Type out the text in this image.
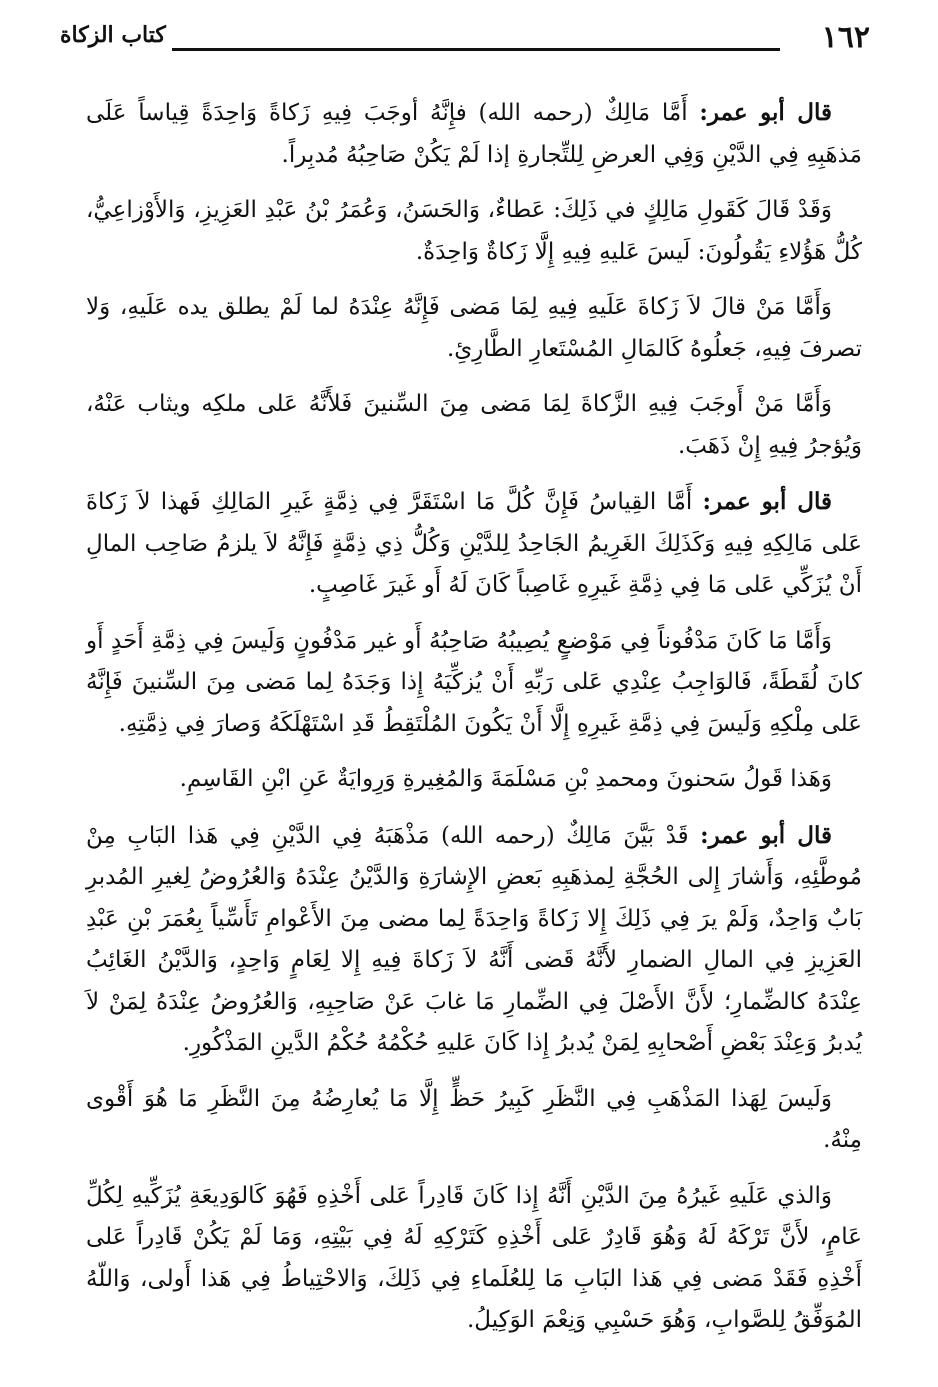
١٦٢
كتاب الزكاة

قال أبو عمر: أَمَّا مَالِكٌ (رحمه الله) فإِنَّهُ أوجَبَ فِيهِ زَكاةً وَاحِدَةً قِياساً عَلَى مَذهَبِهِ فِي الدَّيْنِ وَفِي العرضِ لِلتِّجارةِ إذا لَمْ يَكُنْ صَاحِبُهُ مُدبِراً.

وَقَدْ قَالَ كَقَولِ مَالِكٍ في ذَلِكَ: عَطاءٌ، وَالحَسَنُ، وَعُمَرُ بْنُ عَبْدِ العَزِيزِ، وَالأَوْزاعِيُّ، كُلُّ هَؤُلاءِ يَقُولُونَ: لَيسَ عَليهِ فِيهِ إِلَّا زَكاةٌ وَاحِدَةٌ.

وَأَمَّا مَنْ قالَ لاَ زَكاةَ عَلَيهِ فِيهِ لِمَا مَضى فَإِنَّهُ عِنْدَهُ لما لَمْ يطلق يده عَلَيهِ، وَلا تصرفَ فِيهِ، جَعلُوهُ كَالمَالِ المُسْتَعارِ الطَّارِئِ.

وَأَمَّا مَنْ أَوجَبَ فِيهِ الزَّكاةَ لِمَا مَضى مِنَ السِّنينَ فَلأَنَّهُ عَلى ملكِه ويثاب عَنْهُ، وَيُؤجرُ فِيهِ إِنْ ذَهَبَ.

قال أبو عمر: أَمَّا القِياسُ فَإِنَّ كُلَّ مَا اسْتَقَرَّ فِي ذِمَّةٍ غَيرِ المَالِكِ فَهذا لاَ زَكاةَ عَلى مَالِكِهِ فِيهِ وَكَذَلِكَ الغَرِيمُ الجَاحِدُ لِلدَّيْنِ وَكُلُّ ذِي ذِمَّةٍ فَإِنَّهُ لاَ يلزمُ صَاحِب المالِ أَنْ يُزَكِّي عَلى مَا فِي ذِمَّةِ غَيرِهِ غَاصِباً كَانَ لَهُ أَو غَيرَ غَاصِبٍ.

وَأَمَّا مَا كَانَ مَدْفُوناً فِي مَوْضعٍ يُصِيبُهُ صَاحِبُهُ أَو غير مَدْفُونٍ وَلَيسَ فِي ذِمَّةِ أَحَدٍ أَو كانَ لُقَطَةً، فَالوَاجِبُ عِنْدِي عَلى رَبِّهِ أَنْ يُزكِّيَهُ إِذا وَجَدَهُ لِما مَضى مِنَ السِّنينَ فَإِنَّهُ عَلى مِلْكِهِ وَلَيسَ فِي ذِمَّةِ غَيرِهِ إِلَّا أَنْ يَكُونَ المُلْتَقِطُ قَدِ اسْتَهْلَكَهُ وَصارَ فِي ذِمَّتِهِ.

وَهَذا قَولُ سَحنونَ ومحمدِ بْنِ مَسْلَمَةَ وَالمُغِيرةِ وَرِوايَةٌ عَنِ ابْنِ القَاسِمِ.

قال أبو عمر: قَدْ بَيَّنَ مَالِكٌ (رحمه الله) مَذْهَبَهُ فِي الدَّيْنِ فِي هَذا البَابِ مِنْ مُوطَّئِهِ، وَأَشارَ إِلى الحُجَّةِ لِمذهَبِهِ بَعضِ الإِشارَةِ وَالدَّيْنُ عِنْدَهُ وَالعُرُوضُ لِغيرِ المُدبرِ بَابٌ وَاحِدٌ، وَلَمْ يرَ فِي ذَلِكَ إِلا زَكاةً وَاحِدَةً لِما مضى مِنَ الأَعْوامِ تَأَسِّياً بِعُمَرَ بْنِ عَبْدِ العَزِيزِ فِي المالِ الضمارِ لأَنَّهُ قَضى أَنَّهُ لاَ زَكاةَ فِيهِ إِلا لِعَامٍ وَاحِدٍ، وَالدَّيْنُ الغَائِبُ عِنْدَهُ كالضِّمارِ؛ لأَنَّ الأَصْلَ فِي الضِّمارِ مَا غابَ عَنْ صَاحِبِهِ، وَالعُرُوضُ عِنْدَهُ لِمَنْ لاَ يُدبرُ وَعِنْدَ بَعْضِ أَصْحابِهِ لِمَنْ يُدبرُ إِذا كَانَ عَليهِ حُكْمُهُ حُكْمُ الدَّينِ المَذْكُورِ.

وَلَيسَ لِهَذا المَذْهَبِ فِي النَّظَرِ كَبِيرُ حَظٍّ إِلَّا مَا يُعارِضُهُ مِنَ النَّظَرِ مَا هُوَ أَقْوى مِنْهُ.

وَالذي عَلَيهِ غَيرُهُ مِنَ الدَّيْنِ أَنَّهُ إِذا كَانَ قَادِراً عَلى أَخْذِهِ فَهُوَ كَالوَدِيعَةِ يُزَكِّيهِ لِكُلِّ عَامٍ، لأَنَّ تَرْكَهُ لَهُ وَهُوَ قَادِرٌ عَلى أَخْذِهِ كَتَرْكِهِ لَهُ فِي بَيْتِهِ، وَمَا لَمْ يَكُنْ قَادِراً عَلى أَخْذِهِ فَقَدْ مَضى فِي هَذا البَابِ مَا لِلعُلَماءِ فِي ذَلِكَ، وَالاحْتِياطُ فِي هَذا أَولى، وَاللّهُ المُوَفِّقُ لِلصَّوابِ، وَهُوَ حَسْبِي وَنِعْمَ الوَكِيلُ.
